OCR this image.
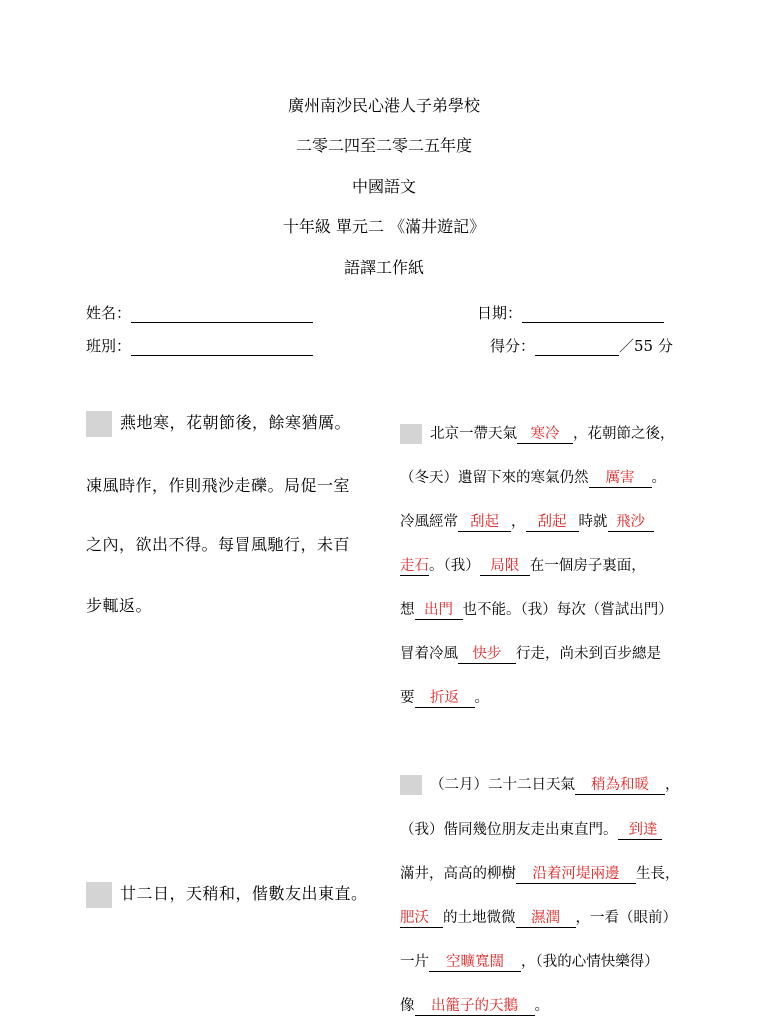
廣州南沙民心港人子弟學校
二零二四至二零二五年度
中國語文
十年級 單元二 《滿井遊記》
語譯工作紙
姓名：	日期：
班別：	得分：	／55 分
燕地寒，花朝節後，餘寒猶厲。
凍風時作，作則飛沙走礫。局促一室
之內，欲出不得。每冒風馳行，未百
步輒返。
北京一帶天氣 寒冷 ，花朝節之後，
（冬天）遺留下來的寒氣仍然 厲害 。
冷風經常 刮起 ， 刮起 時就 飛沙
走石。（我） 局限 在一個房子裏面，
想 出門 也不能。（我）每次（嘗試出門）
冒着冷風 快步 行走，尚未到百步總是
要 折返 。
（二月）二十二日天氣 稍為和暖 ，
（我）偕同幾位朋友走出東直門。 到達
滿井，高高的柳樹 沿着河堤兩邊 生長，
廿二日，天稍和，偕數友出東直。
肥沃 的土地微微 濕潤 ，一看（眼前）
一片 空曠寬闊 ，（我的心情快樂得）
像 出籠子的天鵝 。
